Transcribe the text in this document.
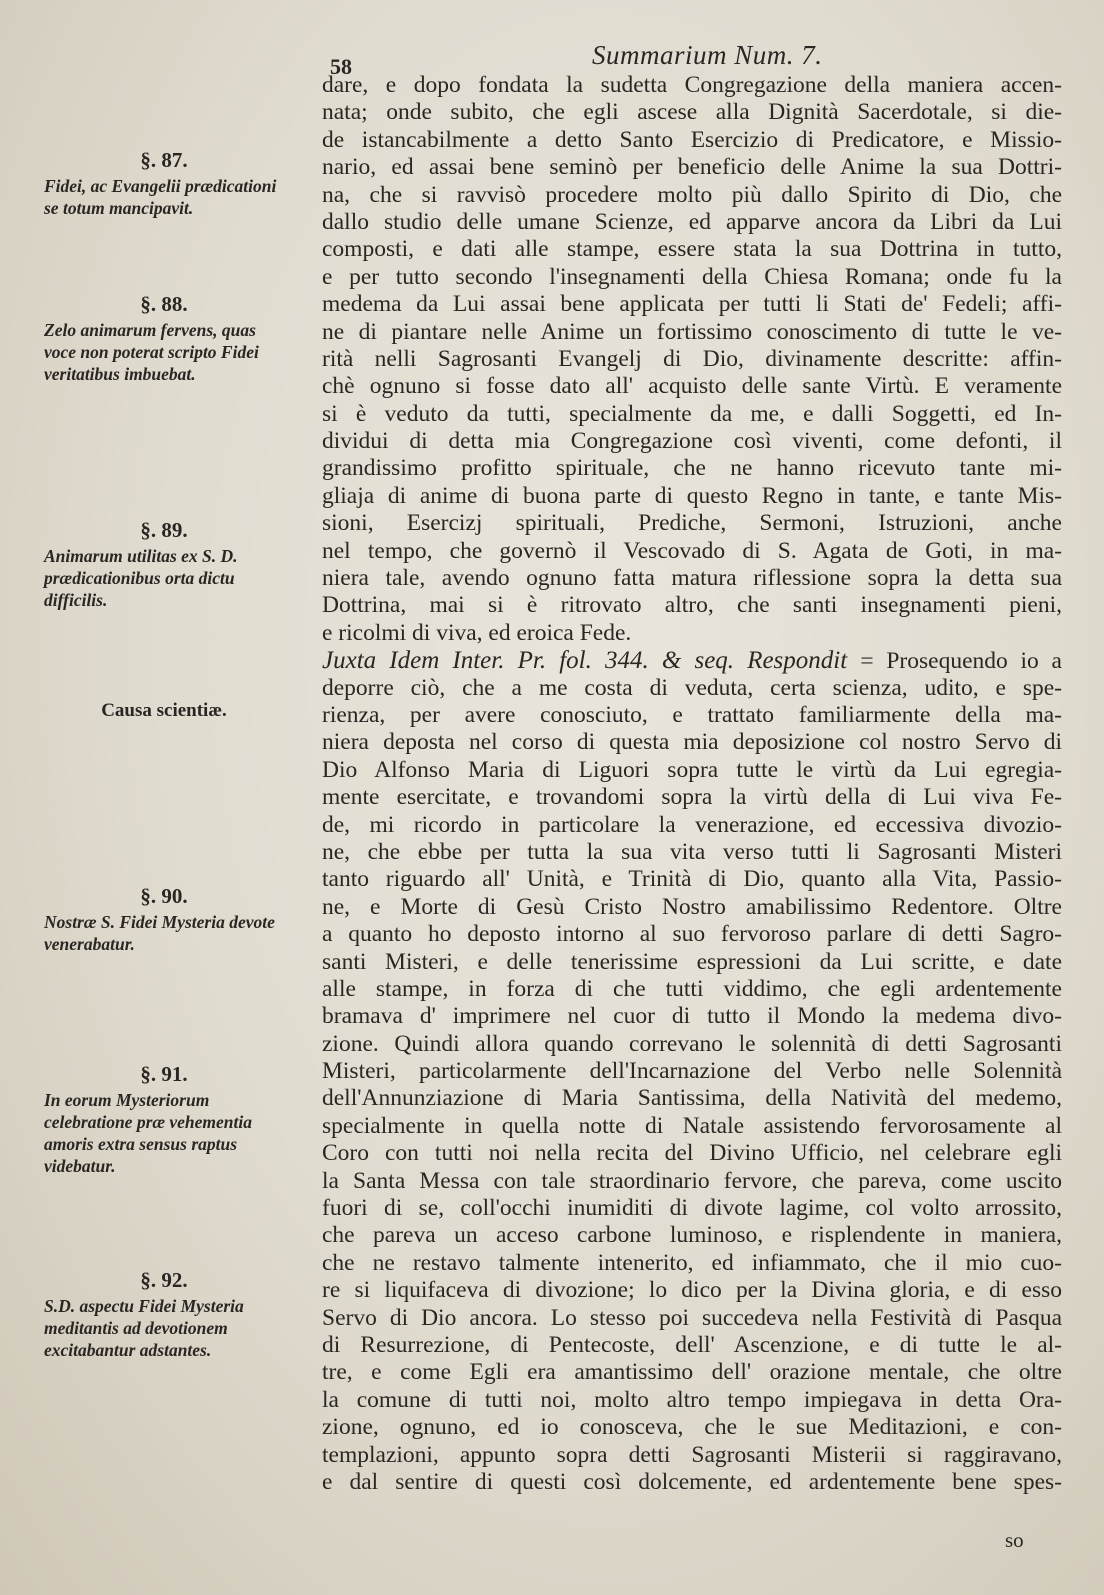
58	Summarium Num. 7.
§. 87.
Fidei, ac Evangelii prædicationi se totum mancipavit.
§. 88.
Zelo animarum fervens, quas voce non poterat scripto Fidei veritatibus imbuebat.
§. 89.
Animarum utilitas ex S. D. prædicationibus orta dictu difficilis.
Causa scientiæ.
§. 90.
Nostræ S. Fidei Mysteria devote venerabatur.
§. 91.
In eorum Mysteriorum celebratione præ vehementia amoris extra sensus raptus videbatur.
§. 92.
S.D. aspectu Fidei Mysteria meditantis ad devotionem excitabantur adstantes.
dare, e dopo fondata la sudetta Congregazione della maniera accen-
nata; onde subito, che egli ascese alla Dignità Sacerdotale, si die-
de istancabilmente a detto Santo Esercizio di Predicatore, e Missio-
nario, ed assai bene seminò per beneficio delle Anime la sua Dottri-
na, che si ravvisò procedere molto più dallo Spirito di Dio, che
dallo studio delle umane Scienze, ed apparve ancora da Libri da Lui
composti, e dati alle stampe, essere stata la sua Dottrina in tutto,
e per tutto secondo l'insegnamenti della Chiesa Romana; onde fu la
medema da Lui assai bene applicata per tutti li Stati de' Fedeli; affi-
ne di piantare nelle Anime un fortissimo conoscimento di tutte le ve-
rità nelli Sagrosanti Evangelj di Dio, divinamente descritte: affin-
chè ognuno si fosse dato all' acquisto delle sante Virtù. E veramente
si è veduto da tutti, specialmente da me, e dalli Soggetti, ed In-
dividui di detta mia Congregazione così viventi, come defonti, il
grandissimo profitto spirituale, che ne hanno ricevuto tante mi-
gliaja di anime di buona parte di questo Regno in tante, e tante Mis-
sioni, Esercizj spirituali, Prediche, Sermoni, Istruzioni, anche
nel tempo, che governò il Vescovado di S. Agata de Goti, in ma-
niera tale, avendo ognuno fatta matura riflessione sopra la detta sua
Dottrina, mai si è ritrovato altro, che santi insegnamenti pieni,
e ricolmi di viva, ed eroica Fede.
Juxta Idem Inter. Pr. fol. 344. & seq. Respondit = Prosequendo io a
deporre ciò, che a me costa di veduta, certa scienza, udito, e spe-
rienza, per avere conosciuto, e trattato familiarmente della ma-
niera deposta nel corso di questa mia deposizione col nostro Servo di
Dio Alfonso Maria di Liguori sopra tutte le virtù da Lui egregia-
mente esercitate, e trovandomi sopra la virtù della di Lui viva Fe-
de, mi ricordo in particolare la venerazione, ed eccessiva divozio-
ne, che ebbe per tutta la sua vita verso tutti li Sagrosanti Misteri
tanto riguardo all' Unità, e Trinità di Dio, quanto alla Vita, Passio-
ne, e Morte di Gesù Cristo Nostro amabilissimo Redentore. Oltre
a quanto ho deposto intorno al suo fervoroso parlare di detti Sagro-
santi Misteri, e delle tenerissime espressioni da Lui scritte, e date
alle stampe, in forza di che tutti viddimo, che egli ardentemente
bramava d' imprimere nel cuor di tutto il Mondo la medema divo-
zione. Quindi allora quando correvano le solennità di detti Sagrosanti
Misteri, particolarmente dell'Incarnazione del Verbo nelle Solennità
dell'Annunziazione di Maria Santissima, della Natività del medemo,
specialmente in quella notte di Natale assistendo fervorosamente al
Coro con tutti noi nella recita del Divino Ufficio, nel celebrare egli
la Santa Messa con tale straordinario fervore, che pareva, come uscito
fuori di se, coll'occhi inumiditi di divote lagime, col volto arrossito,
che pareva un acceso carbone luminoso, e risplendente in maniera,
che ne restavo talmente intenerito, ed infiammato, che il mio cuo-
re si liquifaceva di divozione; lo dico per la Divina gloria, e di esso
Servo di Dio ancora. Lo stesso poi succedeva nella Festività di Pasqua
di Resurrezione, di Pentecoste, dell' Ascenzione, e di tutte le al-
tre, e come Egli era amantissimo dell' orazione mentale, che oltre
la comune di tutti noi, molto altro tempo impiegava in detta Ora-
zione, ognuno, ed io conosceva, che le sue Meditazioni, e con-
templazioni, appunto sopra detti Sagrosanti Misterii si raggiravano,
e dal sentire di questi così dolcemente, ed ardentemente bene spes-
so
